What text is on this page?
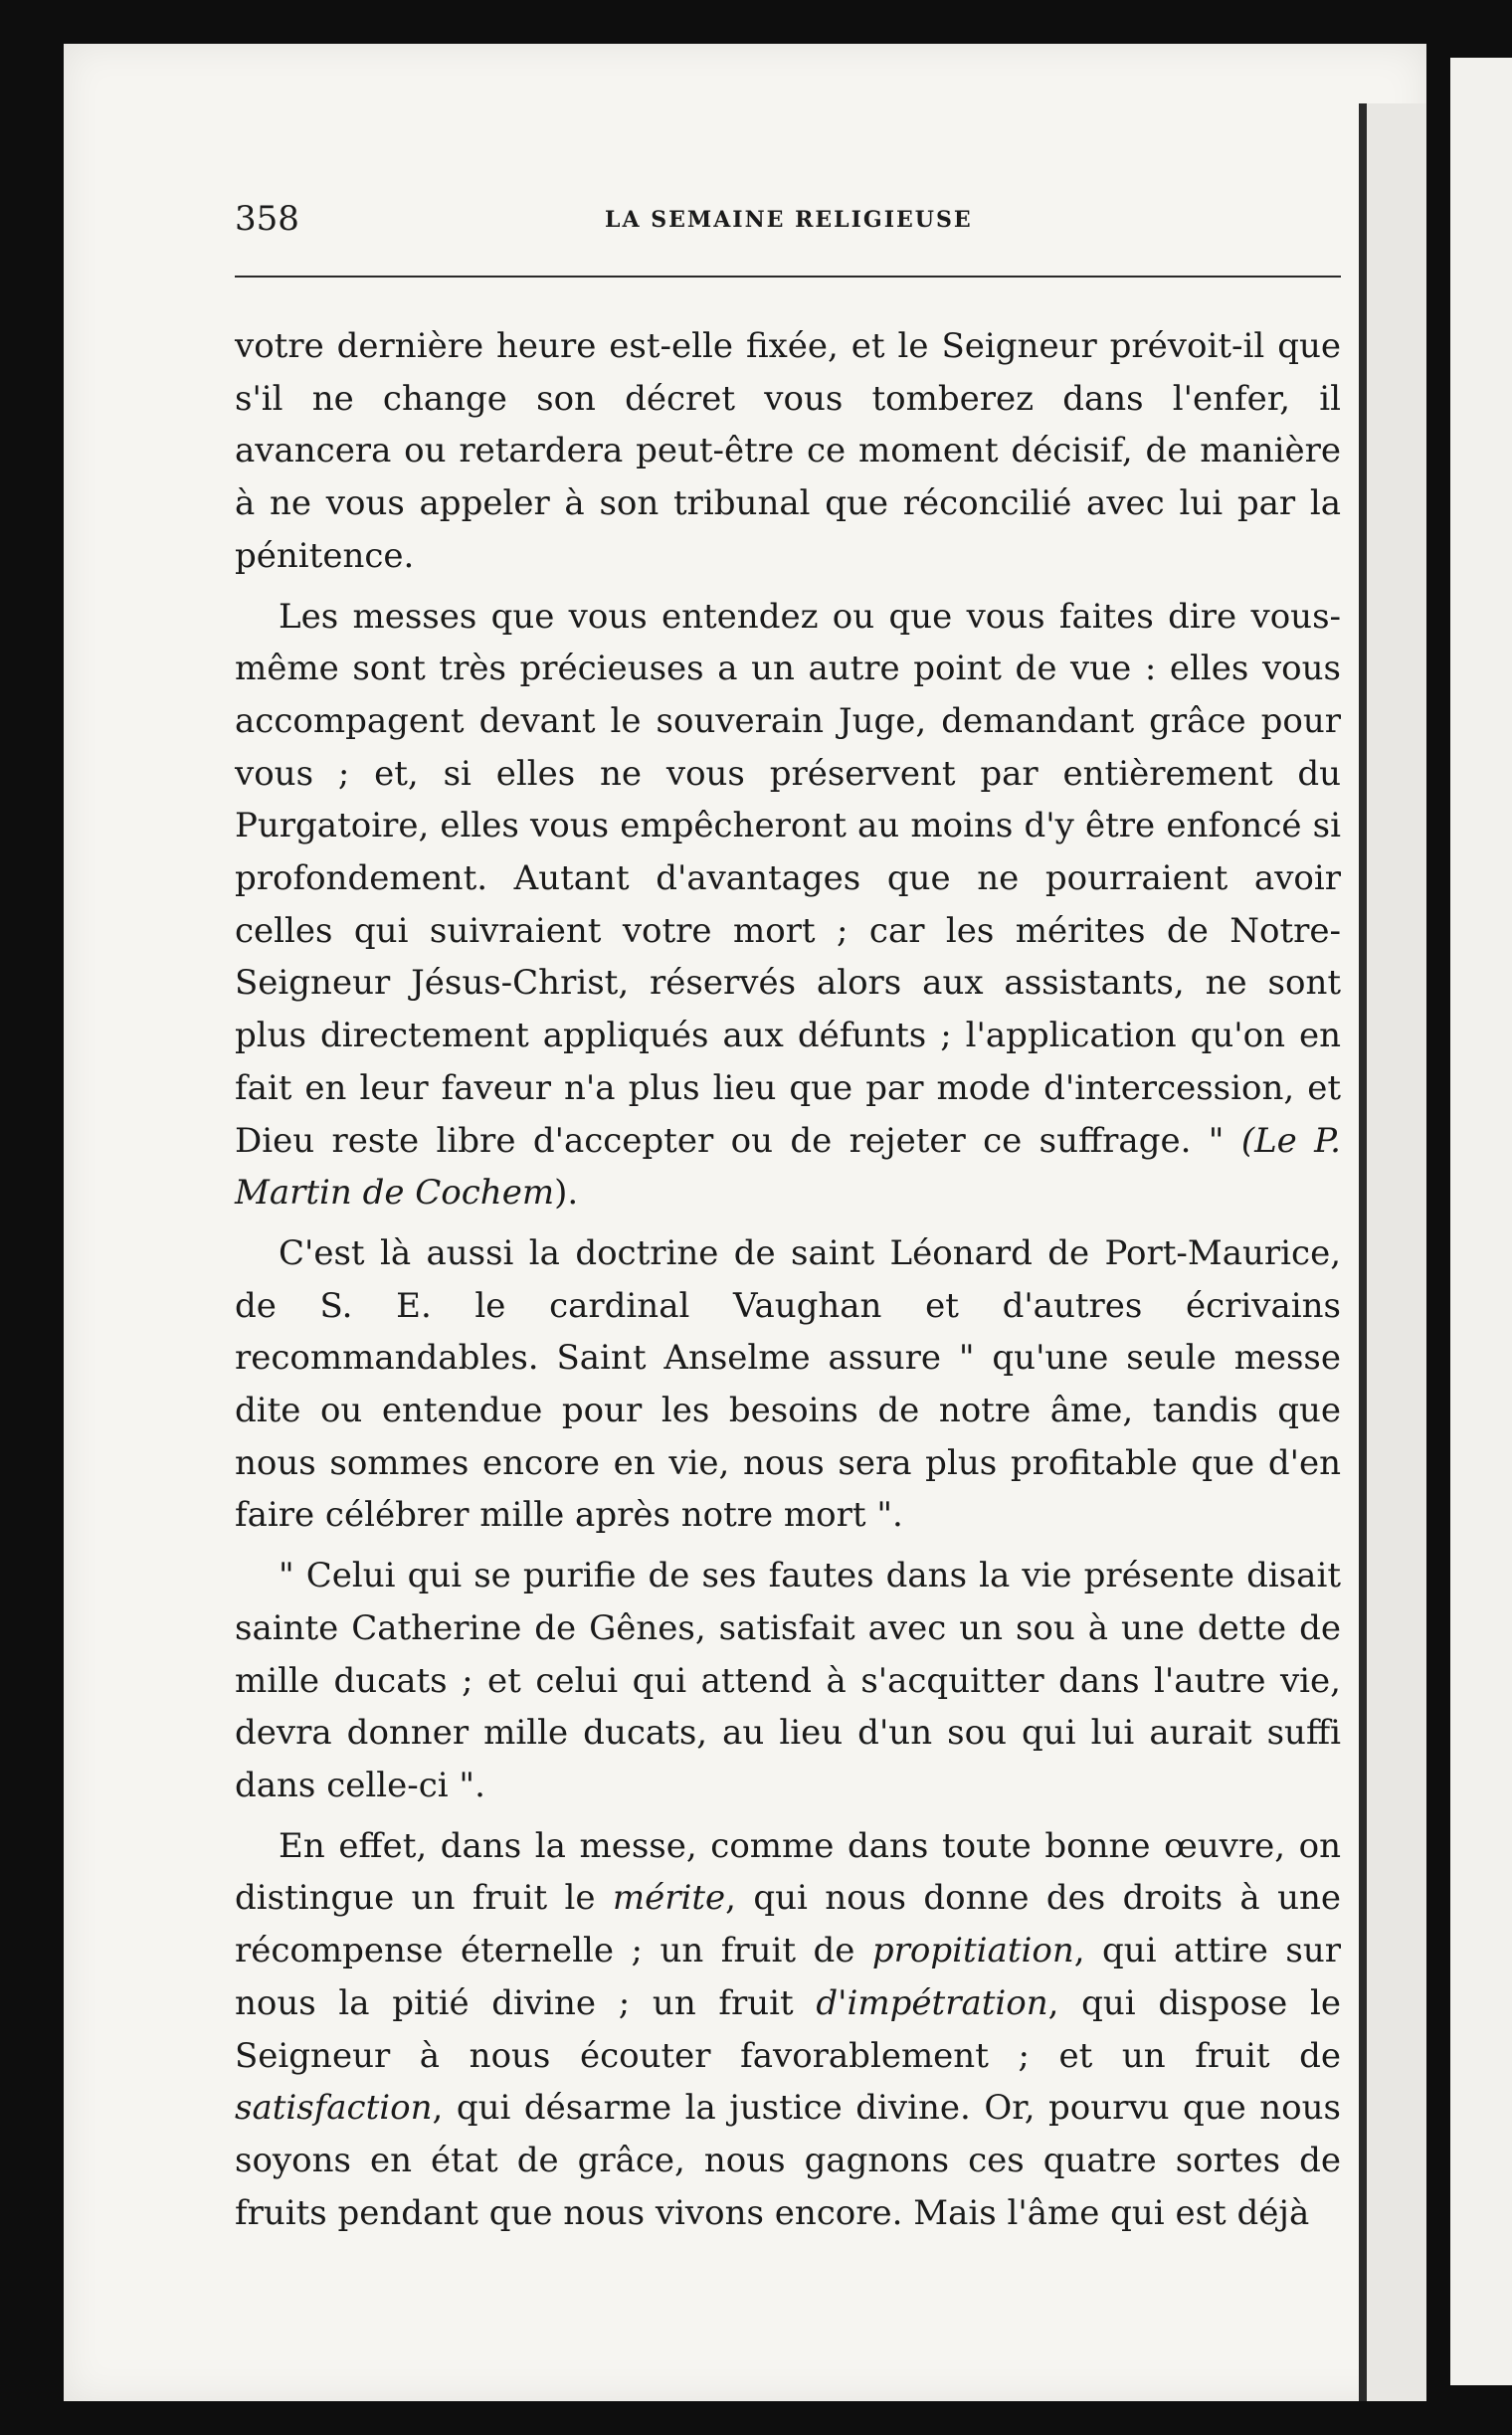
358	LA SEMAINE RELIGIEUSE

votre dernière heure est-elle fixée, et le Seigneur prévoit-il que s'il ne change son décret vous tomberez dans l'enfer, il avancera ou retardera peut-être ce moment décisif, de manière à ne vous appeler à son tribunal que réconcilié avec lui par la pénitence.

Les messes que vous entendez ou que vous faites dire vous-même sont très précieuses a un autre point de vue : elles vous accompagent devant le souverain Juge, demandant grâce pour vous ; et, si elles ne vous préservent par entièrement du Purgatoire, elles vous empêcheront au moins d'y être enfoncé si profondement. Autant d'avantages que ne pourraient avoir celles qui suivraient votre mort ; car les mérites de Notre-Seigneur Jésus-Christ, réservés alors aux assistants, ne sont plus directement appliqués aux défunts ; l'application qu'on en fait en leur faveur n'a plus lieu que par mode d'intercession, et Dieu reste libre d'accepter ou de rejeter ce suffrage. " (Le P. Martin de Cochem).

C'est là aussi la doctrine de saint Léonard de Port-Maurice, de S. E. le cardinal Vaughan et d'autres écrivains recommandables. Saint Anselme assure " qu'une seule messe dite ou entendue pour les besoins de notre âme, tandis que nous sommes encore en vie, nous sera plus profitable que d'en faire célébrer mille après notre mort ".

" Celui qui se purifie de ses fautes dans la vie présente disait sainte Catherine de Gênes, satisfait avec un sou à une dette de mille ducats ; et celui qui attend à s'acquitter dans l'autre vie, devra donner mille ducats, au lieu d'un sou qui lui aurait suffi dans celle-ci ".

En effet, dans la messe, comme dans toute bonne œuvre, on distingue un fruit le mérite, qui nous donne des droits à une récompense éternelle ; un fruit de propitiation, qui attire sur nous la pitié divine ; un fruit d'impétration, qui dispose le Seigneur à nous écouter favorablement ; et un fruit de satisfaction, qui désarme la justice divine. Or, pourvu que nous soyons en état de grâce, nous gagnons ces quatre sortes de fruits pendant que nous vivons encore. Mais l'âme qui est déjà
